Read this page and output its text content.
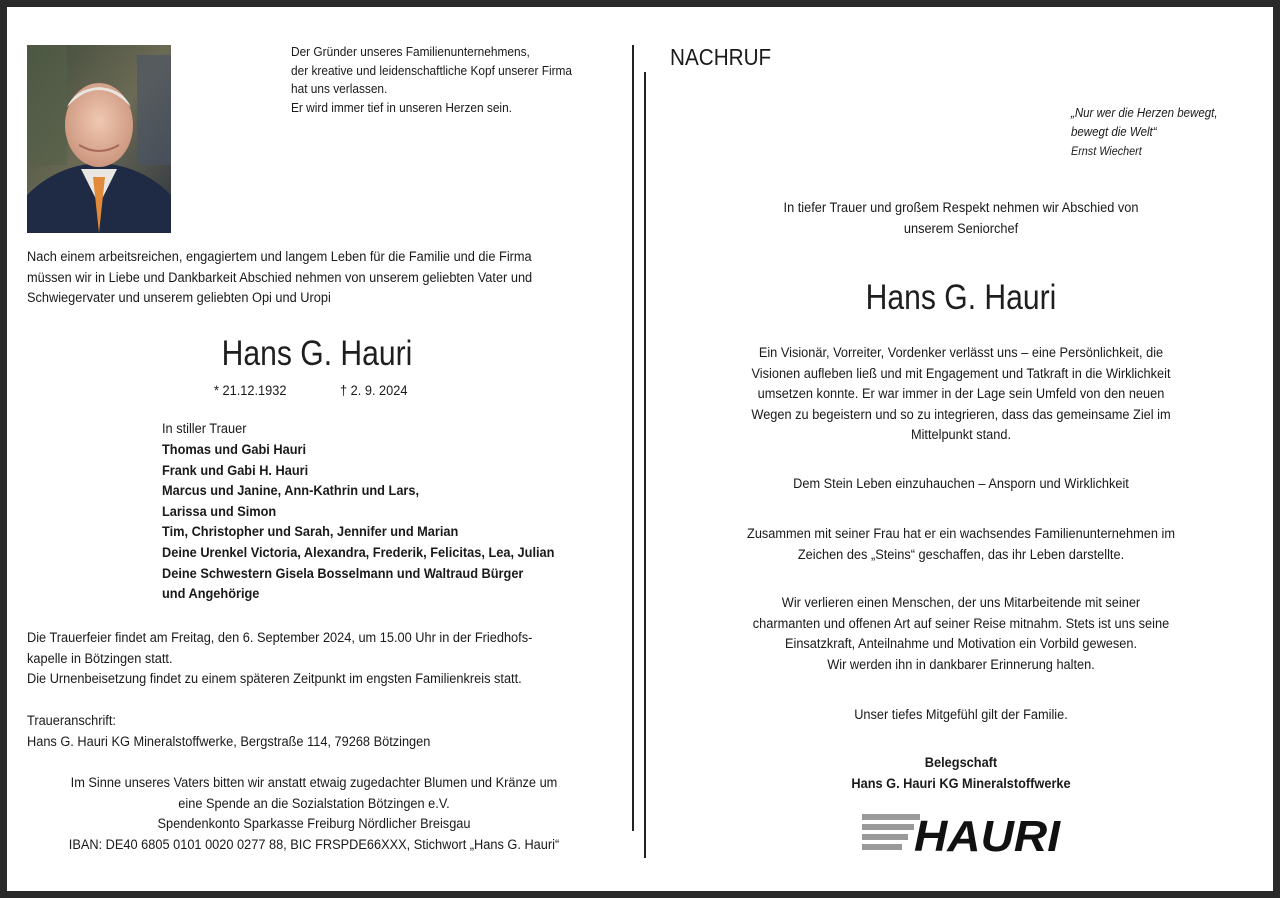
Der Gründer unseres Familienunternehmens,
der kreative und leidenschaftliche Kopf unserer Firma
hat uns verlassen.
Er wird immer tief in unseren Herzen sein.
Nach einem arbeitsreichen, engagiertem und langem Leben für die Familie und die Firma
müssen wir in Liebe und Dankbarkeit Abschied nehmen von unserem geliebten Vater und
Schwiegervater und unserem geliebten Opi und Uropi
Hans G. Hauri
* 21.12.1932	† 2. 9. 2024
In stiller Trauer
Thomas und Gabi Hauri
Frank und Gabi H. Hauri
Marcus und Janine, Ann-Kathrin und Lars,
Larissa und Simon
Tim, Christopher und Sarah, Jennifer und Marian
Deine Urenkel Victoria, Alexandra, Frederik, Felicitas, Lea, Julian
Deine Schwestern Gisela Bosselmann und Waltraud Bürger
und Angehörige
Die Trauerfeier findet am Freitag, den 6. September 2024, um 15.00 Uhr in der Friedhofs-
kapelle in Bötzingen statt.
Die Urnenbeisetzung findet zu einem späteren Zeitpunkt im engsten Familienkreis statt.
Traueranschrift:
Hans G. Hauri KG Mineralstoffwerke, Bergstraße 114, 79268 Bötzingen
Im Sinne unseres Vaters bitten wir anstatt etwaig zugedachter Blumen und Kränze um
eine Spende an die Sozialstation Bötzingen e.V.
Spendenkonto Sparkasse Freiburg Nördlicher Breisgau
IBAN: DE40 6805 0101 0020 0277 88, BIC FRSPDE66XXX, Stichwort „Hans G. Hauri“
NACHRUF
„Nur wer die Herzen bewegt,
bewegt die Welt“
Ernst Wiechert
In tiefer Trauer und großem Respekt nehmen wir Abschied von
unserem Seniorchef
Hans G. Hauri
Ein Visionär, Vorreiter, Vordenker verlässt uns – eine Persönlichkeit, die
Visionen aufleben ließ und mit Engagement und Tatkraft in die Wirklichkeit
umsetzen konnte. Er war immer in der Lage sein Umfeld von den neuen
Wegen zu begeistern und so zu integrieren, dass das gemeinsame Ziel im
Mittelpunkt stand.
Dem Stein Leben einzuhauchen – Ansporn und Wirklichkeit
Zusammen mit seiner Frau hat er ein wachsendes Familienunternehmen im
Zeichen des „Steins“ geschaffen, das ihr Leben darstellte.
Wir verlieren einen Menschen, der uns Mitarbeitende mit seiner
charmanten und offenen Art auf seiner Reise mitnahm. Stets ist uns seine
Einsatzkraft, Anteilnahme und Motivation ein Vorbild gewesen.
Wir werden ihn in dankbarer Erinnerung halten.
Unser tiefes Mitgefühl gilt der Familie.
Belegschaft
Hans G. Hauri KG Mineralstoffwerke
HAURI
